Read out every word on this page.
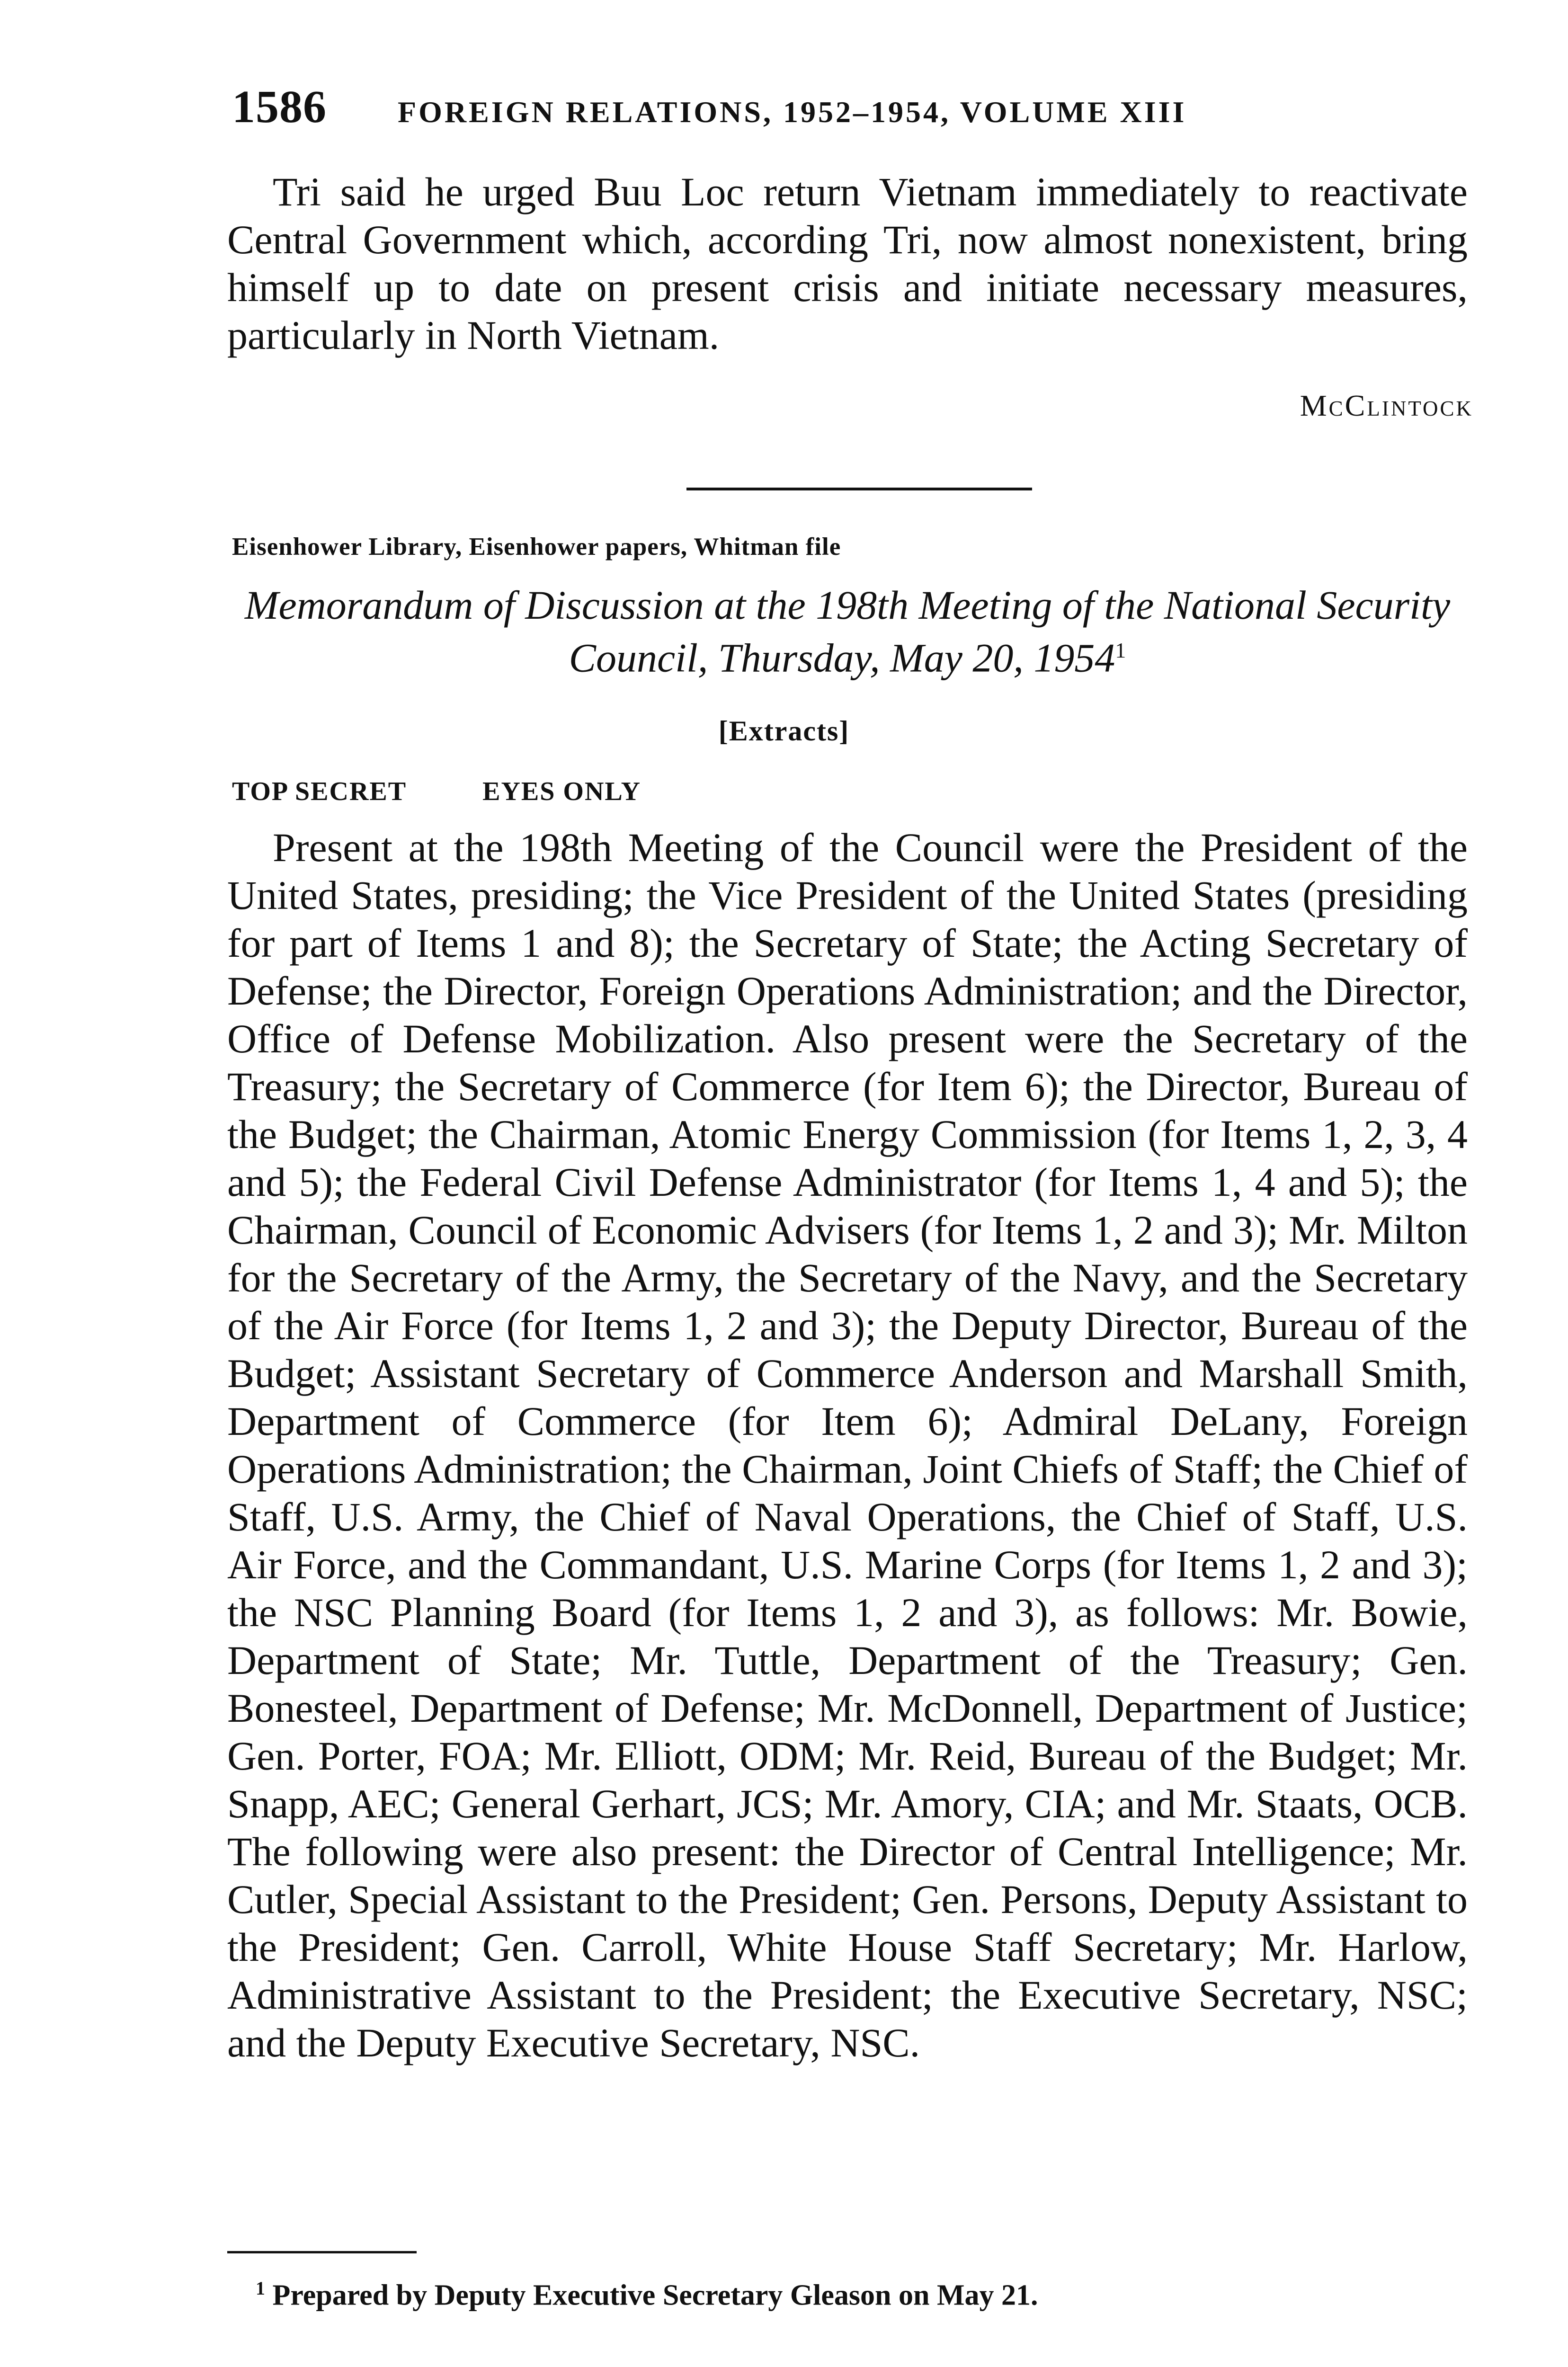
1586 FOREIGN RELATIONS, 1952–1954, VOLUME XIII
Tri said he urged Buu Loc return Vietnam immediately to reactivate Central Government which, according Tri, now almost nonexistent, bring himself up to date on present crisis and initiate necessary measures, particularly in North Vietnam.
McClintock
Eisenhower Library, Eisenhower papers, Whitman file
Memorandum of Discussion at the 198th Meeting of the National Security Council, Thursday, May 20, 1954$^1$
[Extracts]
TOP SECRET	EYES ONLY
Present at the 198th Meeting of the Council were the President of the United States, presiding; the Vice President of the United States (presiding for part of Items 1 and 8); the Secretary of State; the Acting Secretary of Defense; the Director, Foreign Operations Administration; and the Director, Office of Defense Mobilization. Also present were the Secretary of the Treasury; the Secretary of Commerce (for Item 6); the Director, Bureau of the Budget; the Chairman, Atomic Energy Commission (for Items 1, 2, 3, 4 and 5); the Federal Civil Defense Administrator (for Items 1, 4 and 5); the Chairman, Council of Economic Advisers (for Items 1, 2 and 3); Mr. Milton for the Secretary of the Army, the Secretary of the Navy, and the Secretary of the Air Force (for Items 1, 2 and 3); the Deputy Director, Bureau of the Budget; Assistant Secretary of Commerce Anderson and Marshall Smith, Department of Commerce (for Item 6); Admiral DeLany, Foreign Operations Administration; the Chairman, Joint Chiefs of Staff; the Chief of Staff, U.S. Army, the Chief of Naval Operations, the Chief of Staff, U.S. Air Force, and the Commandant, U.S. Marine Corps (for Items 1, 2 and 3); the NSC Planning Board (for Items 1, 2 and 3), as follows: Mr. Bowie, Department of State; Mr. Tuttle, Department of the Treasury; Gen. Bonesteel, Department of Defense; Mr. McDonnell, Department of Justice; Gen. Porter, FOA; Mr. Elliott, ODM; Mr. Reid, Bureau of the Budget; Mr. Snapp, AEC; General Gerhart, JCS; Mr. Amory, CIA; and Mr. Staats, OCB. The following were also present: the Director of Central Intelligence; Mr. Cutler, Special Assistant to the President; Gen. Persons, Deputy Assistant to the President; Gen. Carroll, White House Staff Secretary; Mr. Harlow, Administrative Assistant to the President; the Executive Secretary, NSC; and the Deputy Executive Secretary, NSC.
$^1$ Prepared by Deputy Executive Secretary Gleason on May 21.
